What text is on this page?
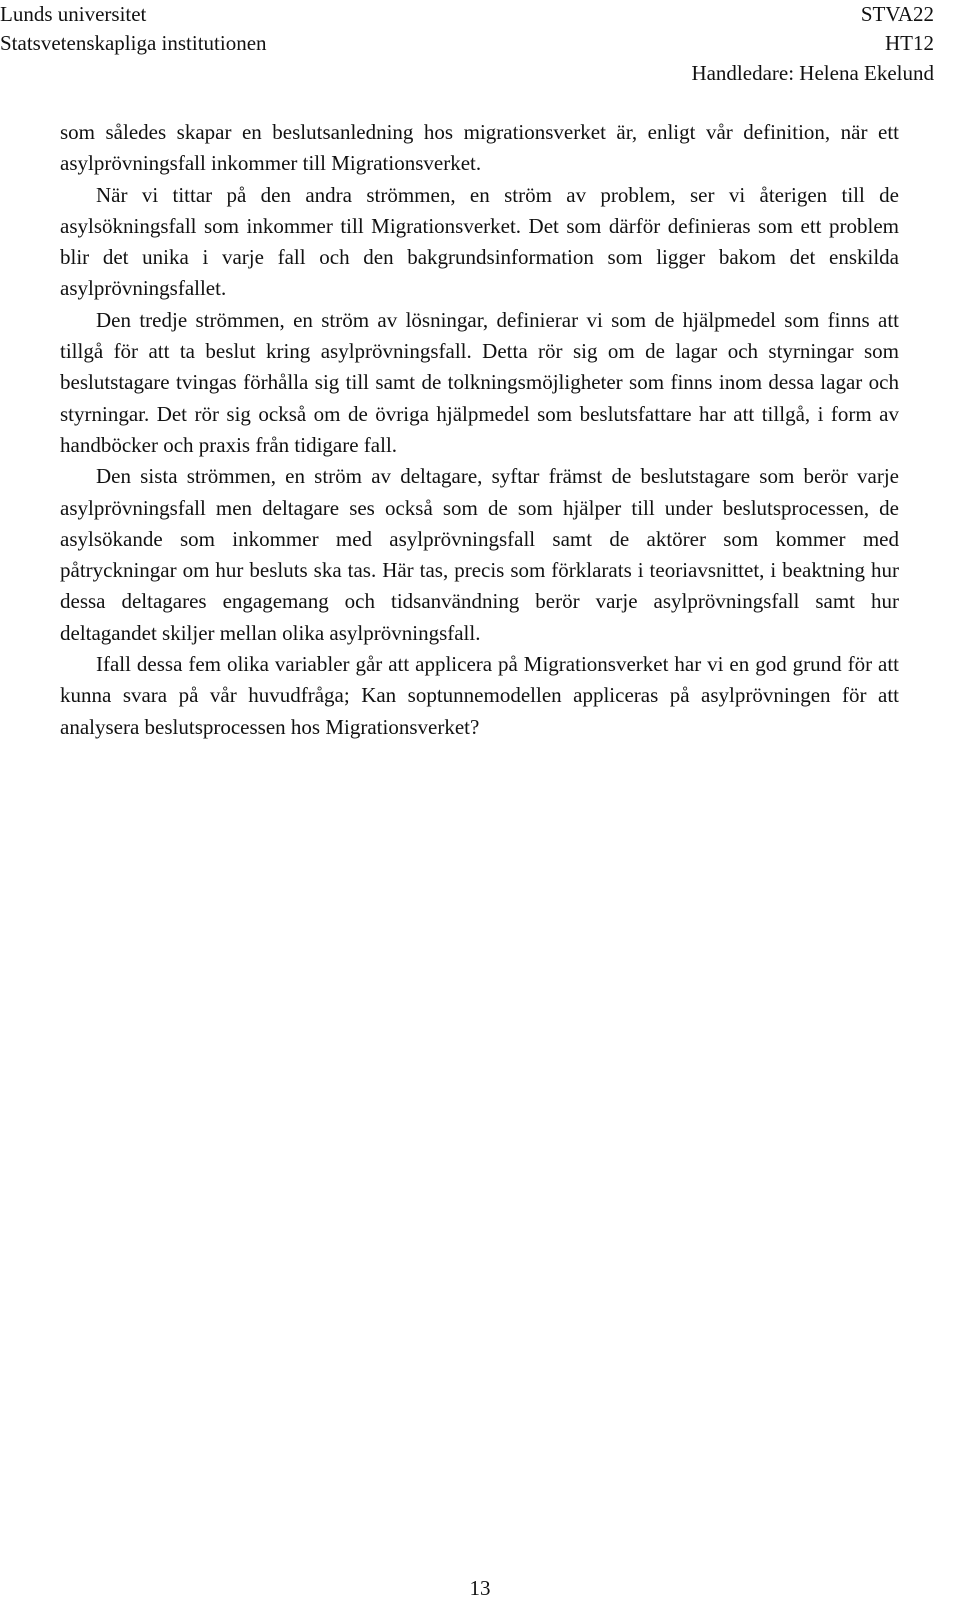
Lunds universitet
Statsvetenskapliga institutionen
STVA22
HT12
Handledare: Helena Ekelund

som således skapar en beslutsanledning hos migrationsverket är, enligt vår definition, när ett asylprövningsfall inkommer till Migrationsverket.

När vi tittar på den andra strömmen, en ström av problem, ser vi återigen till de asylsökningsfall som inkommer till Migrationsverket. Det som därför definieras som ett problem blir det unika i varje fall och den bakgrundsinformation som ligger bakom det enskilda asylprövningsfallet.

Den tredje strömmen, en ström av lösningar, definierar vi som de hjälpmedel som finns att tillgå för att ta beslut kring asylprövningsfall. Detta rör sig om de lagar och styrningar som beslutstagare tvingas förhålla sig till samt de tolkningsmöjligheter som finns inom dessa lagar och styrningar. Det rör sig också om de övriga hjälpmedel som beslutsfattare har att tillgå, i form av handböcker och praxis från tidigare fall.

Den sista strömmen, en ström av deltagare, syftar främst de beslutstagare som berör varje asylprövningsfall men deltagare ses också som de som hjälper till under beslutsprocessen, de asylsökande som inkommer med asylprövningsfall samt de aktörer som kommer med påtryckningar om hur besluts ska tas. Här tas, precis som förklarats i teoriavsnittet, i beaktning hur dessa deltagares engagemang och tidsanvändning berör varje asylprövningsfall samt hur deltagandet skiljer mellan olika asylprövningsfall.

Ifall dessa fem olika variabler går att applicera på Migrationsverket har vi en god grund för att kunna svara på vår huvudfråga; Kan soptunnemodellen appliceras på asylprövningen för att analysera beslutsprocessen hos Migrationsverket?

13
